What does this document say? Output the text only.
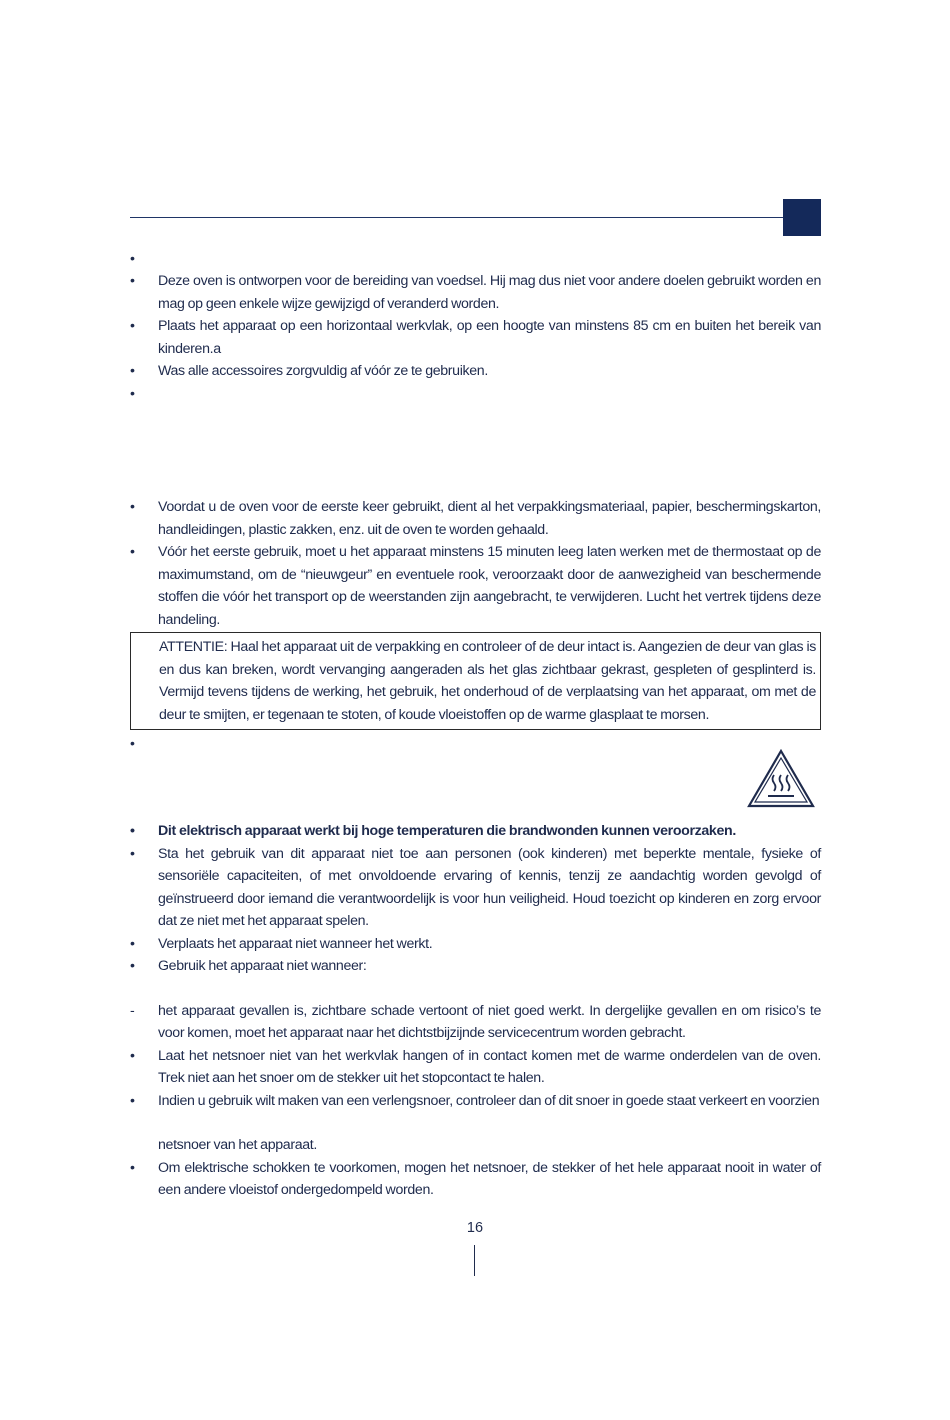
•
•	Deze oven is ontworpen voor de bereiding van voedsel. Hij mag dus niet voor andere doelen gebruikt worden en mag op geen enkele wijze gewijzigd of veranderd worden.
•	Plaats het apparaat op een horizontaal werkvlak, op een hoogte van minstens 85 cm en buiten het bereik van kinderen.a
•	Was alle accessoires zorgvuldig af vóór ze te gebruiken.
•
•	Voordat u de oven voor de eerste keer gebruikt, dient al het verpakkingsmateriaal, papier, beschermingskarton, handleidingen, plastic zakken, enz. uit de oven te worden gehaald.
•	Vóór het eerste gebruik, moet u het apparaat minstens 15 minuten leeg laten werken met de thermostaat op de maximumstand, om de “nieuwgeur” en eventuele rook, veroorzaakt door de aanwezigheid van beschermende stoffen die vóór het transport op de weerstanden zijn aangebracht, te verwijderen. Lucht het vertrek tijdens deze handeling.
ATTENTIE: Haal het apparaat uit de verpakking en controleer of de deur intact is. Aangezien de deur van glas is en dus kan breken, wordt vervanging aangeraden als het glas zichtbaar gekrast, gespleten of gesplinterd is. Vermijd tevens tijdens de werking, het gebruik, het onderhoud of de verplaatsing van het apparaat, om met de deur te smijten, er tegenaan te stoten, of koude vloeistoffen op de warme glasplaat te morsen.
•
•	Dit elektrisch apparaat werkt bij hoge temperaturen die brandwonden kunnen veroorzaken.
•	Sta het gebruik van dit apparaat niet toe aan personen (ook kinderen) met beperkte mentale, fysieke of sensoriële capaciteiten, of met onvoldoende ervaring of kennis, tenzij ze aandachtig worden gevolgd of geïnstrueerd door iemand die verantwoordelijk is voor hun veiligheid. Houd toezicht op kinderen en zorg ervoor dat ze niet met het apparaat spelen.
•	Verplaats het apparaat niet wanneer het werkt.
•	Gebruik het apparaat niet wanneer:
-	het apparaat gevallen is, zichtbare schade vertoont of niet goed werkt. In dergelijke gevallen en om risico’s te voor komen, moet het apparaat naar het dichtstbijzijnde servicecentrum worden gebracht.
•	Laat het netsnoer niet van het werkvlak hangen of in contact komen met de warme onderdelen van de oven. Trek niet aan het snoer om de stekker uit het stopcontact te halen.
•	Indien u gebruik wilt maken van een verlengsnoer, controleer dan of dit snoer in goede staat verkeert en voorzien
netsnoer van het apparaat.
•	Om elektrische schokken te voorkomen, mogen het netsnoer, de stekker of het hele apparaat nooit in water of een andere vloeistof ondergedompeld worden.
16
